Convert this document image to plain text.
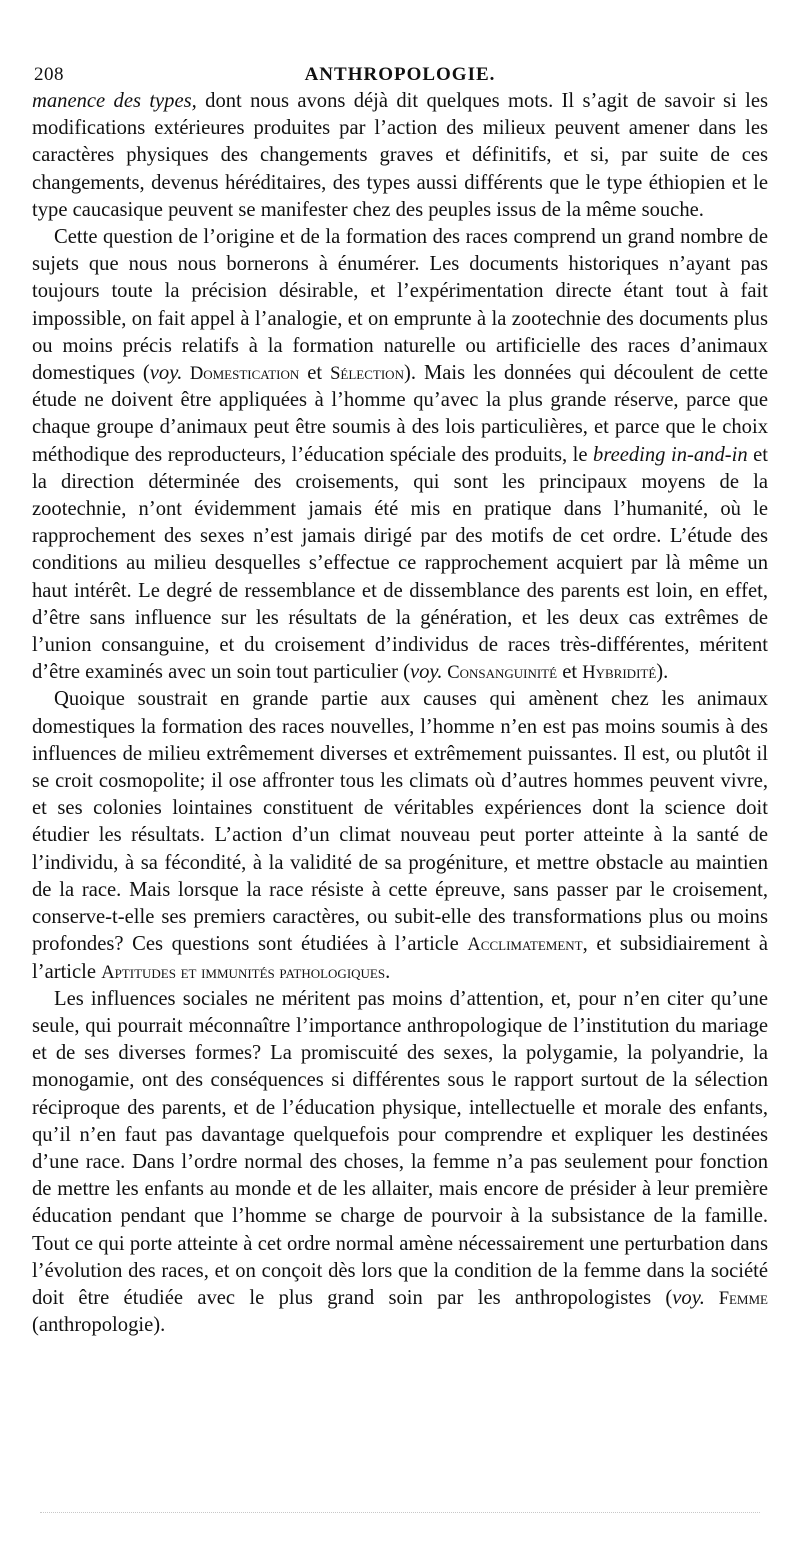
208	ANTHROPOLOGIE.

manence des types, dont nous avons déjà dit quelques mots. Il s’agit de savoir si les modifications extérieures produites par l’action des milieux peuvent amener dans les caractères physiques des changements graves et définitifs, et si, par suite de ces changements, devenus héréditaires, des types aussi différents que le type éthiopien et le type caucasique peuvent se manifester chez des peuples issus de la même souche.

Cette question de l’origine et de la formation des races comprend un grand nombre de sujets que nous nous bornerons à énumérer. Les documents historiques n’ayant pas toujours toute la précision désirable, et l’expérimentation directe étant tout à fait impossible, on fait appel à l’analogie, et on emprunte à la zootechnie des documents plus ou moins précis relatifs à la formation naturelle ou artificielle des races d’animaux domestiques (voy. Domestication et Sélection). Mais les données qui découlent de cette étude ne doivent être appliquées à l’homme qu’avec la plus grande réserve, parce que chaque groupe d’animaux peut être soumis à des lois particulières, et parce que le choix méthodique des reproducteurs, l’éducation spéciale des produits, le breeding in-and-in et la direction déterminée des croisements, qui sont les principaux moyens de la zootechnie, n’ont évidemment jamais été mis en pratique dans l’humanité, où le rapprochement des sexes n’est jamais dirigé par des motifs de cet ordre. L’étude des conditions au milieu desquelles s’effectue ce rapprochement acquiert par là même un haut intérêt. Le degré de ressemblance et de dissemblance des parents est loin, en effet, d’être sans influence sur les résultats de la génération, et les deux cas extrêmes de l’union consanguine, et du croisement d’individus de races très-différentes, méritent d’être examinés avec un soin tout particulier (voy. Consanguinité et Hybridité).

Quoique soustrait en grande partie aux causes qui amènent chez les animaux domestiques la formation des races nouvelles, l’homme n’en est pas moins soumis à des influences de milieu extrêmement diverses et extrêmement puissantes. Il est, ou plutôt il se croit cosmopolite; il ose affronter tous les climats où d’autres hommes peuvent vivre, et ses colonies lointaines constituent de véritables expériences dont la science doit étudier les résultats. L’action d’un climat nouveau peut porter atteinte à la santé de l’individu, à sa fécondité, à la validité de sa progéniture, et mettre obstacle au maintien de la race. Mais lorsque la race résiste à cette épreuve, sans passer par le croisement, conserve-t-elle ses premiers caractères, ou subit-elle des transformations plus ou moins profondes? Ces questions sont étudiées à l’article Acclimatement, et subsidiairement à l’article Aptitudes et immunités pathologiques.

Les influences sociales ne méritent pas moins d’attention, et, pour n’en citer qu’une seule, qui pourrait méconnaître l’importance anthropologique de l’institution du mariage et de ses diverses formes? La promiscuité des sexes, la polygamie, la polyandrie, la monogamie, ont des conséquences si différentes sous le rapport surtout de la sélection réciproque des parents, et de l’éducation physique, intellectuelle et morale des enfants, qu’il n’en faut pas davantage quelquefois pour comprendre et expliquer les destinées d’une race. Dans l’ordre normal des choses, la femme n’a pas seulement pour fonction de mettre les enfants au monde et de les allaiter, mais encore de présider à leur première éducation pendant que l’homme se charge de pourvoir à la subsistance de la famille. Tout ce qui porte atteinte à cet ordre normal amène nécessairement une perturbation dans l’évolution des races, et on conçoit dès lors que la condition de la femme dans la société doit être étudiée avec le plus grand soin par les anthropologistes (voy. Femme (anthropologie).
